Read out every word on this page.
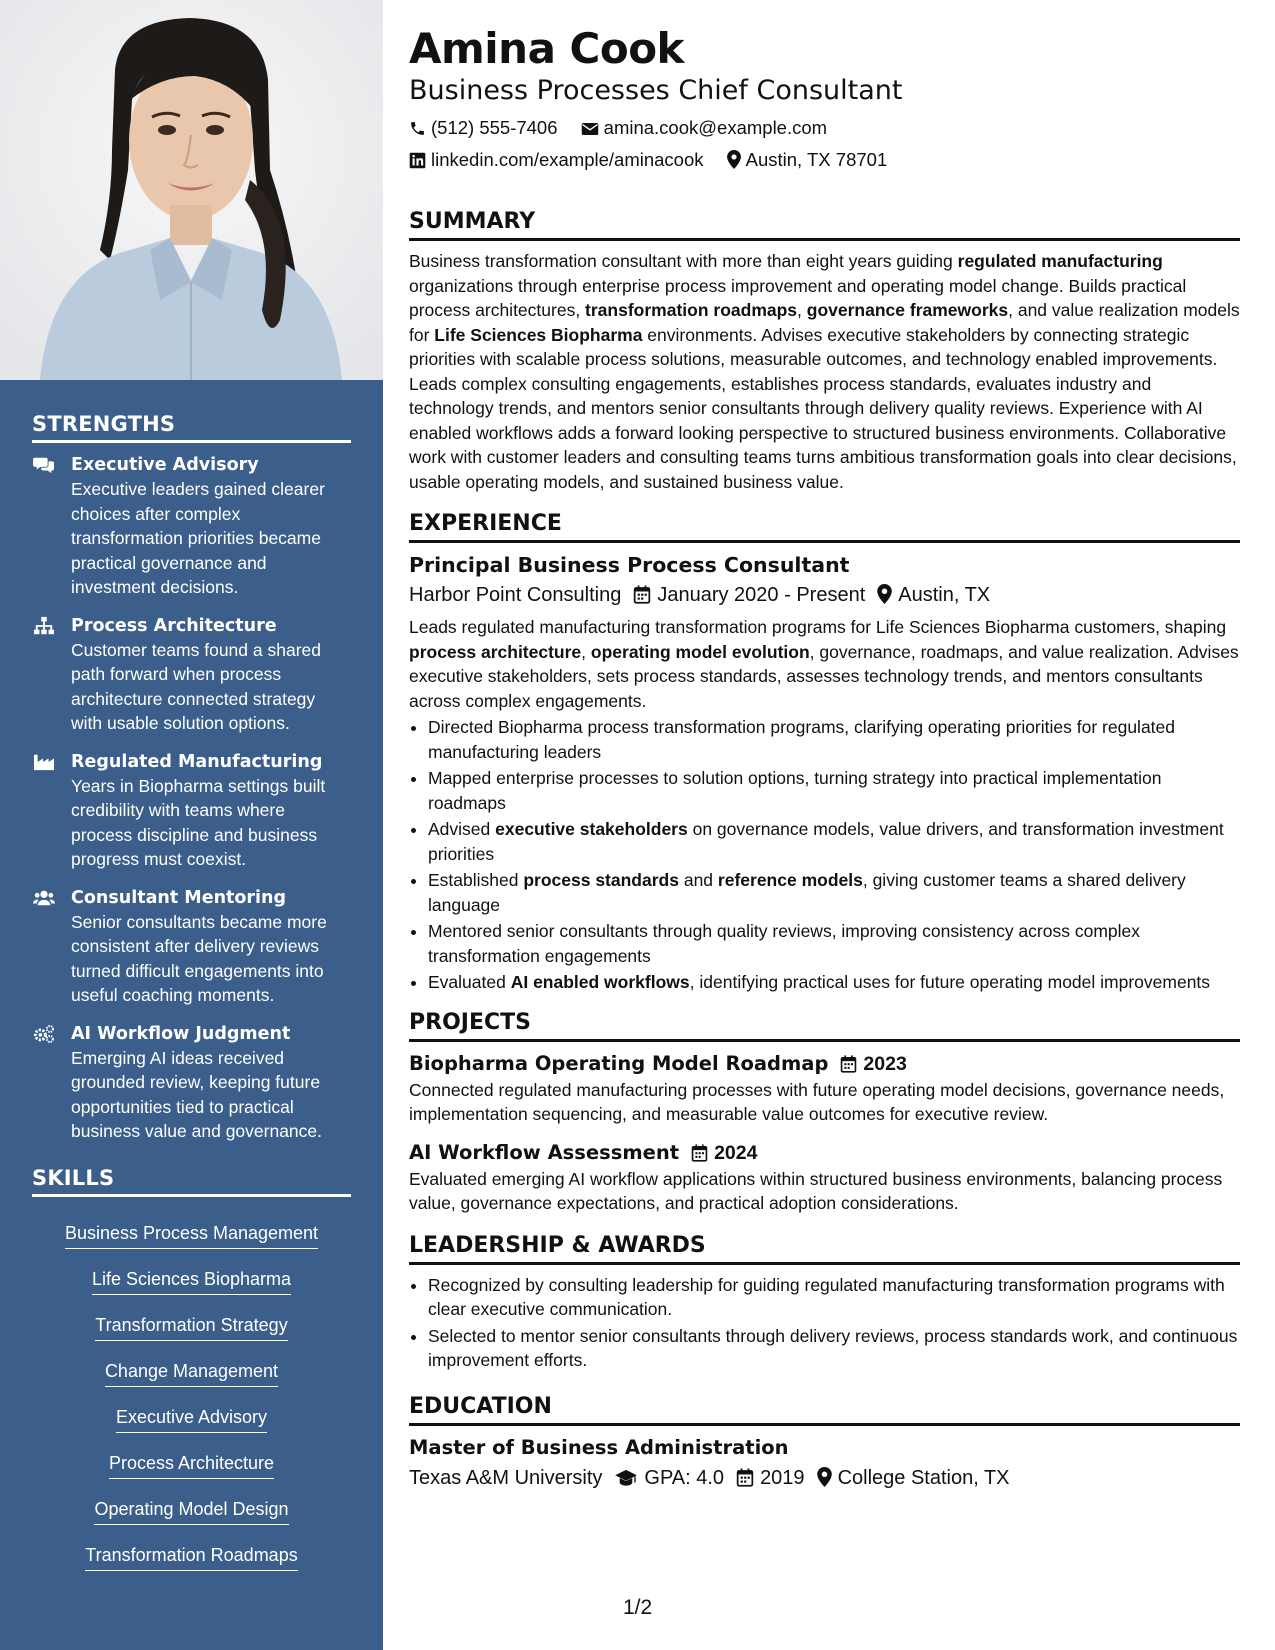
STRENGTHS
Executive Advisory
Executive leaders gained clearer choices after complex transformation priorities became practical governance and investment decisions.
Process Architecture
Customer teams found a shared path forward when process architecture connected strategy with usable solution options.
Regulated Manufacturing
Years in Biopharma settings built credibility with teams where process discipline and business progress must coexist.
Consultant Mentoring
Senior consultants became more consistent after delivery reviews turned difficult engagements into useful coaching moments.
AI Workflow Judgment
Emerging AI ideas received grounded review, keeping future opportunities tied to practical business value and governance.
SKILLS
Business Process Management
Life Sciences Biopharma
Transformation Strategy
Change Management
Executive Advisory
Process Architecture
Operating Model Design
Transformation Roadmaps
Amina Cook
Business Processes Chief Consultant
(512) 555-7406 amina.cook@example.com
linkedin.com/example/aminacook Austin, TX 78701
SUMMARY

Business transformation consultant with more than eight years guiding regulated manufacturing organizations through enterprise process improvement and operating model change. Builds practical process architectures, transformation roadmaps, governance frameworks, and value realization models for Life Sciences Biopharma environments. Advises executive stakeholders by connecting strategic priorities with scalable process solutions, measurable outcomes, and technology enabled improvements. Leads complex consulting engagements, establishes process standards, evaluates industry and technology trends, and mentors senior consultants through delivery quality reviews. Experience with AI enabled workflows adds a forward looking perspective to structured business environments. Collaborative work with customer leaders and consulting teams turns ambitious transformation goals into clear decisions, usable operating models, and sustained business value.

EXPERIENCE
Principal Business Process Consultant
Harbor Point Consulting January 2020 - Present Austin, TX

Leads regulated manufacturing transformation programs for Life Sciences Biopharma customers, shaping process architecture, operating model evolution, governance, roadmaps, and value realization. Advises executive stakeholders, sets process standards, assesses technology trends, and mentors consultants across complex engagements.

• Directed Biopharma process transformation programs, clarifying operating priorities for regulated manufacturing leaders
• Mapped enterprise processes to solution options, turning strategy into practical implementation roadmaps
• Advised executive stakeholders on governance models, value drivers, and transformation investment priorities
• Established process standards and reference models, giving customer teams a shared delivery language
• Mentored senior consultants through quality reviews, improving consistency across complex transformation engagements
• Evaluated AI enabled workflows, identifying practical uses for future operating model improvements
PROJECTS
Biopharma Operating Model Roadmap 2023

Connected regulated manufacturing processes with future operating model decisions, governance needs, implementation sequencing, and measurable value outcomes for executive review.

AI Workflow Assessment 2024

Evaluated emerging AI workflow applications within structured business environments, balancing process value, governance expectations, and practical adoption considerations.

LEADERSHIP & AWARDS
• Recognized by consulting leadership for guiding regulated manufacturing transformation programs with clear executive communication.
• Selected to mentor senior consultants through delivery reviews, process standards work, and continuous improvement efforts.
EDUCATION
Master of Business Administration
Texas A&M University GPA: 4.0 2019 College Station, TX
1/2
